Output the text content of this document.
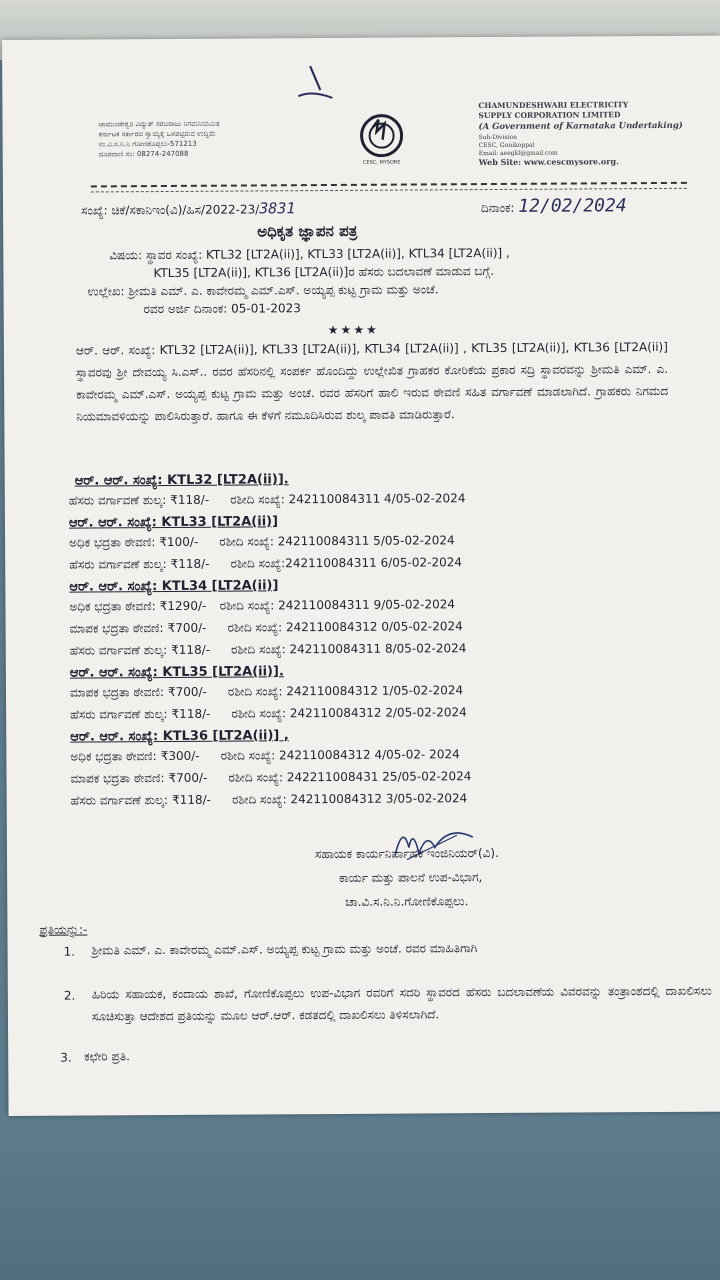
ಚಾಮುಂಡೇಶ್ವರಿ ವಿದ್ಯುತ್ ಸರಬರಾಜು ನಿಗಮನಿಯಮಿತ
ಕರ್ನಾಟಕ ಸರ್ಕಾರದ ಸ್ವಾಮ್ಯಕ್ಕೆ ಒಳಪಟ್ಟಿರುವ ಉದ್ದಿಮೆ
ಉ.ವಿ.ಸ.ನಿ.ನಿ ಗೋಣಿಕೊಪ್ಪಲು-571213
ದೂರವಾಣಿ ಸಂ: 08274-247088
CESC, MYSORE
CHAMUNDESHWARI ELECTRICITY
SUPPLY CORPORATION LIMITED
(A Government of Karnataka Undertaking)
Sub-Division
CESC, Gonikoppal
Email: aeegkl@gmail.com
Web Site: www.cescmysore.org.
ಸಂಖ್ಯೆ: ಚಿಕೆ/ಸಕಾನಿಇಂ(ವಿ)/ಹಿಸ/2022-23/3831	ದಿನಾಂಕ: 12/02/2024
ಅಧಿಕೃತ ಜ್ಞಾಪನ ಪತ್ರ
ವಿಷಯ: ಸ್ಥಾವರ ಸಂಖ್ಯೆ: KTL32 [LT2A(ii)], KTL33 [LT2A(ii)], KTL34 [LT2A(ii)] ,
KTL35 [LT2A(ii)], KTL36 [LT2A(ii)]ರ ಹೆಸರು ಬದಲಾವಣೆ ಮಾಡುವ ಬಗ್ಗೆ.
ಉಲ್ಲೇಖ: ಶ್ರೀಮತಿ ಎಮ್. ಎ. ಕಾವೇರಮ್ಮ ಎಮ್.ಎಸ್. ಅಯ್ಯಪ್ಪ ಕುಟ್ಟ ಗ್ರಾಮ ಮತ್ತು ಅಂಚೆ.
ರವರ ಅರ್ಜಿ ದಿನಾಂಕ: 05-01-2023
★★★★
ಆರ್. ಆರ್. ಸಂಖ್ಯೆ: KTL32 [LT2A(ii)], KTL33 [LT2A(ii)], KTL34 [LT2A(ii)] , KTL35 [LT2A(ii)], KTL36 [LT2A(ii)] ಸ್ಥಾವರವು ಶ್ರೀ ದೇವಯ್ಯ ಸಿ.ಎಸ್.. ರವರ ಹೆಸರಿನಲ್ಲಿ ಸಂಪರ್ಕ ಹೊಂದಿದ್ದು ಉಲ್ಲೇಖಿತ ಗ್ರಾಹಕರ ಕೋರಿಕೆಯ ಪ್ರಕಾರ ಸದ್ರಿ ಸ್ಥಾವರವನ್ನು ಶ್ರೀಮತಿ ಎಮ್. ಎ. ಕಾವೇರಮ್ಮ ಎಮ್.ಎಸ್. ಅಯ್ಯಪ್ಪ ಕುಟ್ಟ ಗ್ರಾಮ ಮತ್ತು ಅಂಚೆ. ರವರ ಹೆಸರಿಗೆ ಹಾಲಿ ಇರುವ ಠೇವಣಿ ಸಹಿತ ವರ್ಗಾವಣೆ ಮಾಡಲಾಗಿದೆ. ಗ್ರಾಹಕರು ನಿಗಮದ ನಿಯಮಾವಳಿಯನ್ನು ಪಾಲಿಸಿರುತ್ತಾರೆ. ಹಾಗೂ ಈ ಕೆಳಗೆ ನಮೂದಿಸಿರುವ ಶುಲ್ಕ ಪಾವತಿ ಮಾಡಿರುತ್ತಾರೆ.
ಆರ್. ಆರ್. ಸಂಖ್ಯೆ: KTL32 [LT2A(ii)].
ಹೆಸರು ವರ್ಗಾವಣೆ ಶುಲ್ಕ: ₹118/- ರಶೀದಿ ಸಂಖ್ಯೆ: 242110084311 4/05-02-2024
ಆರ್. ಆರ್. ಸಂಖ್ಯೆ: KTL33 [LT2A(ii)]
ಅಧಿಕ ಭದ್ರತಾ ಠೇವಣಿ: ₹100/- ರಶೀದಿ ಸಂಖ್ಯೆ: 242110084311 5/05-02-2024
ಹೆಸರು ವರ್ಗಾವಣೆ ಶುಲ್ಕ: ₹118/- ರಶೀದಿ ಸಂಖ್ಯೆ:242110084311 6/05-02-2024
ಆರ್. ಆರ್. ಸಂಖ್ಯೆ: KTL34 [LT2A(ii)]
ಅಧಿಕ ಭದ್ರತಾ ಠೇವಣಿ: ₹1290/- ರಶೀದಿ ಸಂಖ್ಯೆ: 242110084311 9/05-02-2024
ಮಾಪಕ ಭದ್ರತಾ ಠೇವಣಿ: ₹700/- ರಶೀದಿ ಸಂಖ್ಯೆ: 242110084312 0/05-02-2024
ಹೆಸರು ವರ್ಗಾವಣೆ ಶುಲ್ಕ: ₹118/- ರಶೀದಿ ಸಂಖ್ಯೆ: 242110084311 8/05-02-2024
ಆರ್. ಆರ್. ಸಂಖ್ಯೆ: KTL35 [LT2A(ii)].
ಮಾಪಕ ಭದ್ರತಾ ಠೇವಣಿ: ₹700/- ರಶೀದಿ ಸಂಖ್ಯೆ: 242110084312 1/05-02-2024
ಹೆಸರು ವರ್ಗಾವಣೆ ಶುಲ್ಕ: ₹118/- ರಶೀದಿ ಸಂಖ್ಯೆ: 242110084312 2/05-02-2024
ಆರ್. ಆರ್. ಸಂಖ್ಯೆ: KTL36 [LT2A(ii)] ,
ಅಧಿಕ ಭದ್ರತಾ ಠೇವಣಿ: ₹300/- ರಶೀದಿ ಸಂಖ್ಯೆ: 242110084312 4/05-02- 2024
ಮಾಪಕ ಭದ್ರತಾ ಠೇವಣಿ: ₹700/- ರಶೀದಿ ಸಂಖ್ಯೆ: 242211008431 25/05-02-2024
ಹೆಸರು ವರ್ಗಾವಣೆ ಶುಲ್ಕ: ₹118/- ರಶೀದಿ ಸಂಖ್ಯೆ: 242110084312 3/05-02-2024
ಸಹಾಯಕ ಕಾರ್ಯನಿರ್ವಾಹಕ ಇಂಜಿನಿಯರ್(ವಿ).
ಕಾರ್ಯ ಮತ್ತು ಪಾಲನೆ ಉಪ-ವಿಭಾಗ,
ಚಾ.ವಿ.ಸ.ನಿ.ನಿ.ಗೋಣಿಕೊಪ್ಪಲು.
ಪ್ರತಿಯನ್ನು:-
1. ಶ್ರೀಮತಿ ಎಮ್. ಎ. ಕಾವೇರಮ್ಮ ಎಮ್.ಎಸ್. ಅಯ್ಯಪ್ಪ ಕುಟ್ಟ ಗ್ರಾಮ ಮತ್ತು ಅಂಚೆ. ರವರ ಮಾಹಿತಿಗಾಗಿ
2. ಹಿರಿಯ ಸಹಾಯಕ, ಕಂದಾಯ ಶಾಖೆ, ಗೋಣಿಕೊಪ್ಪಲು ಉಪ-ವಿಭಾಗ ರವರಿಗೆ ಸದರಿ ಸ್ಥಾವರದ ಹೆಸರು ಬದಲಾವಣೆಯ ವಿವರವನ್ನು ತಂತ್ರಾಂಶದಲ್ಲಿ ದಾಖಲಿಸಲು ಸೂಚಿಸುತ್ತಾ ಆದೇಶದ ಪ್ರತಿಯನ್ನು ಮೂಲ ಆರ್.ಆರ್. ಕಡತದಲ್ಲಿ ದಾಖಲಿಸಲು ತಿಳಿಸಲಾಗಿದೆ.
3. ಕಛೇರಿ ಪ್ರತಿ.
